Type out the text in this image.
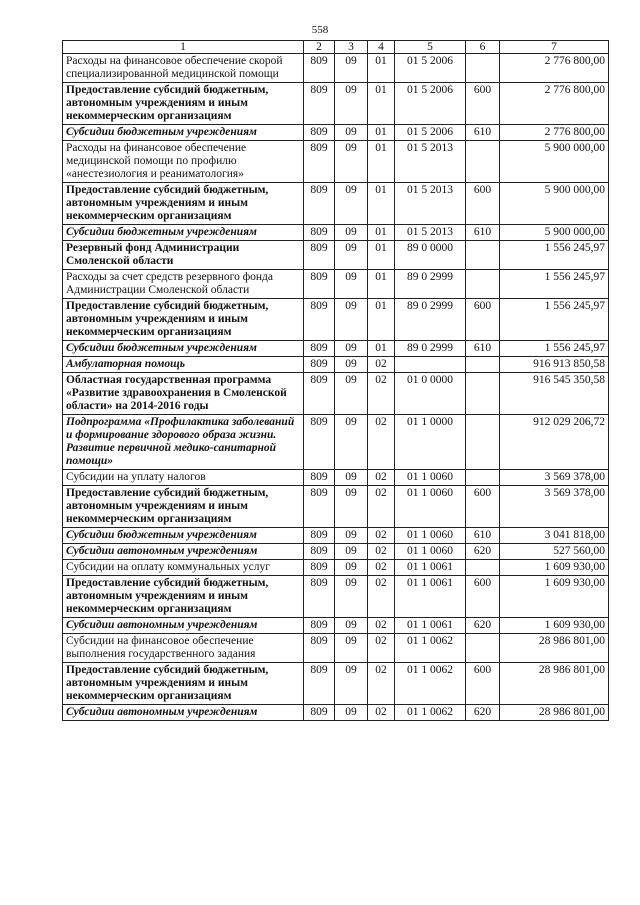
558
1	2	3	4	5	6	7
Расходы на финансовое обеспечение скорой специализированной медицинской помощи	809	09	01	01 5 2006		2 776 800,00
Предоставление субсидий бюджетным, автономным учреждениям и иным некоммерческим организациям	809	09	01	01 5 2006	600	2 776 800,00
Субсидии бюджетным учреждениям	809	09	01	01 5 2006	610	2 776 800,00
Расходы на финансовое обеспечение медицинской помощи по профилю «анестезиология и реаниматология»	809	09	01	01 5 2013		5 900 000,00
Предоставление субсидий бюджетным, автономным учреждениям и иным некоммерческим организациям	809	09	01	01 5 2013	600	5 900 000,00
Субсидии бюджетным учреждениям	809	09	01	01 5 2013	610	5 900 000,00
Резервный фонд Администрации Смоленской области	809	09	01	89 0 0000		1 556 245,97
Расходы за счет средств резервного фонда Администрации Смоленской области	809	09	01	89 0 2999		1 556 245,97
Предоставление субсидий бюджетным, автономным учреждениям и иным некоммерческим организациям	809	09	01	89 0 2999	600	1 556 245,97
Субсидии бюджетным учреждениям	809	09	01	89 0 2999	610	1 556 245,97
Амбулаторная помощь	809	09	02			916 913 850,58
Областная государственная программа «Развитие здравоохранения в Смоленской области» на 2014-2016 годы	809	09	02	01 0 0000		916 545 350,58
Подпрограмма «Профилактика заболеваний и формирование здорового образа жизни. Развитие первичной медико-санитарной помощи»	809	09	02	01 1 0000		912 029 206,72
Субсидии на уплату налогов	809	09	02	01 1 0060		3 569 378,00
Предоставление субсидий бюджетным, автономным учреждениям и иным некоммерческим организациям	809	09	02	01 1 0060	600	3 569 378,00
Субсидии бюджетным учреждениям	809	09	02	01 1 0060	610	3 041 818,00
Субсидии автономным учреждениям	809	09	02	01 1 0060	620	527 560,00
Субсидии на оплату коммунальных услуг	809	09	02	01 1 0061		1 609 930,00
Предоставление субсидий бюджетным, автономным учреждениям и иным некоммерческим организациям	809	09	02	01 1 0061	600	1 609 930,00
Субсидии автономным учреждениям	809	09	02	01 1 0061	620	1 609 930,00
Субсидии на финансовое обеспечение выполнения государственного задания	809	09	02	01 1 0062		28 986 801,00
Предоставление субсидий бюджетным, автономным учреждениям и иным некоммерческим организациям	809	09	02	01 1 0062	600	28 986 801,00
Субсидии автономным учреждениям	809	09	02	01 1 0062	620	28 986 801,00
